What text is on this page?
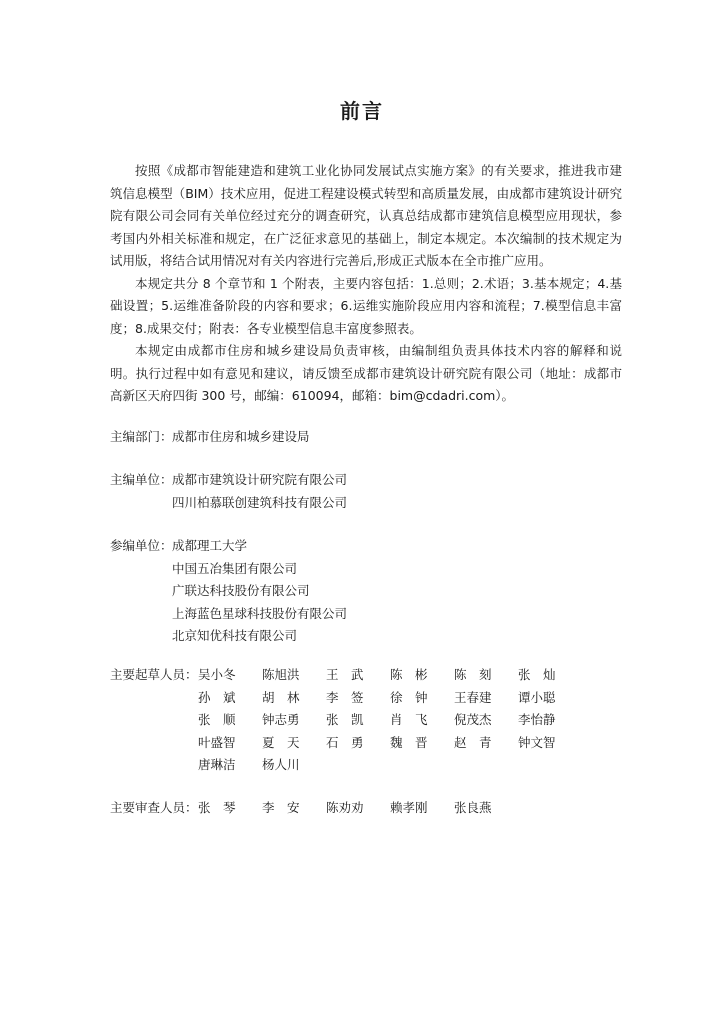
前言

按照《成都市智能建造和建筑工业化协同发展试点实施方案》的有关要求，推进我市建筑信息模型（BIM）技术应用，促进工程建设模式转型和高质量发展，由成都市建筑设计研究院有限公司会同有关单位经过充分的调查研究，认真总结成都市建筑信息模型应用现状，参考国内外相关标准和规定，在广泛征求意见的基础上，制定本规定。本次编制的技术规定为试用版，将结合试用情况对有关内容进行完善后,形成正式版本在全市推广应用。

本规定共分 8 个章节和 1 个附表，主要内容包括：1.总则；2.术语；3.基本规定；4.基础设置；5.运维准备阶段的内容和要求；6.运维实施阶段应用内容和流程；7.模型信息丰富度；8.成果交付；附表：各专业模型信息丰富度参照表。

本规定由成都市住房和城乡建设局负责审核，由编制组负责具体技术内容的解释和说明。执行过程中如有意见和建议，请反馈至成都市建筑设计研究院有限公司（地址：成都市高新区天府四街 300 号，邮编：610094，邮箱：bim@cdadri.com）。

主编部门： 成都市住房和城乡建设局
主编单位： 成都市建筑设计研究院有限公司
四川柏慕联创建筑科技有限公司
参编单位： 成都理工大学
中国五冶集团有限公司
广联达科技股份有限公司
上海蓝色星球科技股份有限公司
北京知优科技有限公司
主要起草人员： 吴小冬	陈旭洪	王　武	陈　彬	陈　刻	张　灿
孙　斌	胡　林	李　签	徐　钟	王春建	谭小聪
张　顺	钟志勇	张　凯	肖　飞	倪茂杰	李怡静
叶盛智	夏　天	石　勇	魏　晋	赵　青	钟文智
唐琳洁	杨人川
主要审查人员： 张　琴	李　安	陈劝劝	赖孝刚	张良燕
